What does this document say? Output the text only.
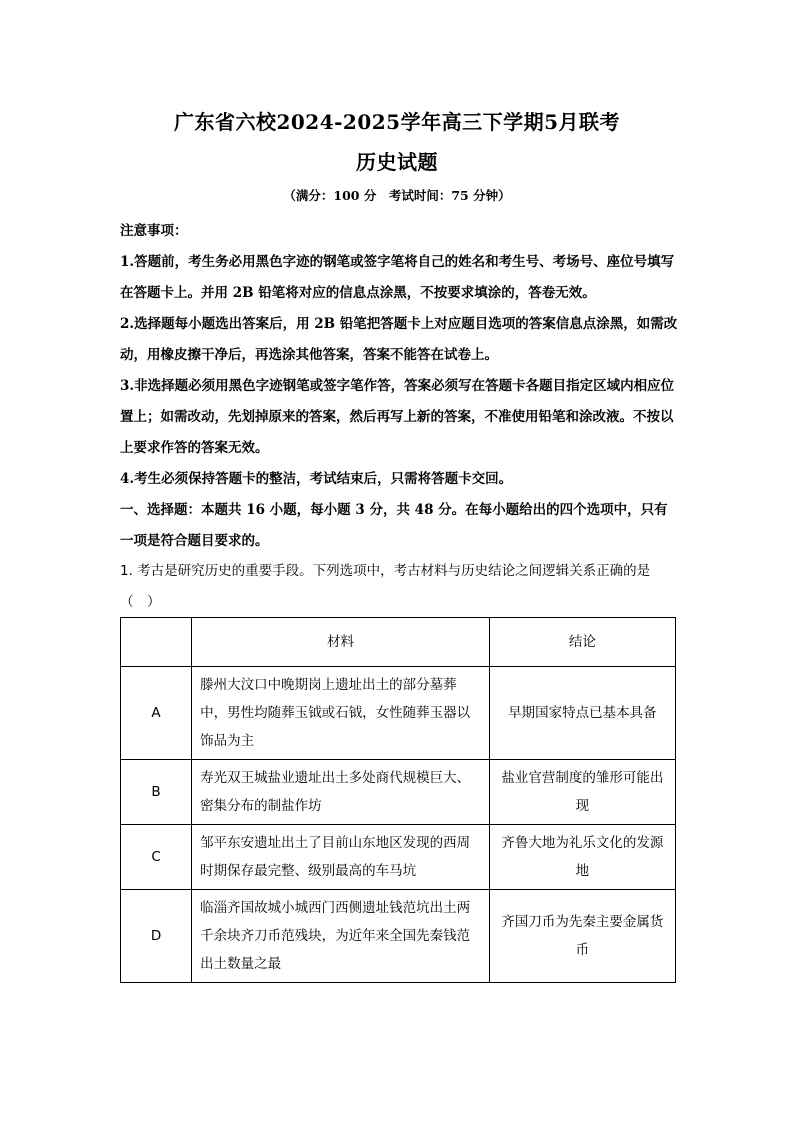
广东省六校2024-2025学年高三下学期5月联考
历史试题
（满分：100 分　考试时间：75 分钟）

注意事项：

1.答题前，考生务必用黑色字迹的钢笔或签字笔将自己的姓名和考生号、考场号、座位号填写在答题卡上。并用 2B 铅笔将对应的信息点涂黑，不按要求填涂的，答卷无效。

2.选择题每小题选出答案后，用 2B 铅笔把答题卡上对应题目选项的答案信息点涂黑，如需改动，用橡皮擦干净后，再选涂其他答案，答案不能答在试卷上。

3.非选择题必须用黑色字迹钢笔或签字笔作答，答案必须写在答题卡各题目指定区域内相应位置上；如需改动，先划掉原来的答案，然后再写上新的答案，不准使用铅笔和涂改液。不按以上要求作答的答案无效。

4.考生必须保持答题卡的整洁，考试结束后，只需将答题卡交回。

一、选择题：本题共 16 小题，每小题 3 分，共 48 分。在每小题给出的四个选项中，只有一项是符合题目要求的。

1. 考古是研究历史的重要手段。下列选项中，考古材料与历史结论之间逻辑关系正确的是（　）

	材料	结论
A	滕州大汶口中晚期岗上遗址出土的部分墓葬中，男性均随葬玉钺或石钺，女性随葬玉器以饰品为主	早期国家特点已基本具备
B	寿光双王城盐业遗址出土多处商代规模巨大、密集分布的制盐作坊	盐业官营制度的雏形可能出现
C	邹平东安遗址出土了目前山东地区发现的西周时期保存最完整、级别最高的车马坑	齐鲁大地为礼乐文化的发源地
D	临淄齐国故城小城西门西侧遗址钱范坑出土两千余块齐刀币范残块，为近年来全国先秦钱范出土数量之最	齐国刀币为先秦主要金属货币
